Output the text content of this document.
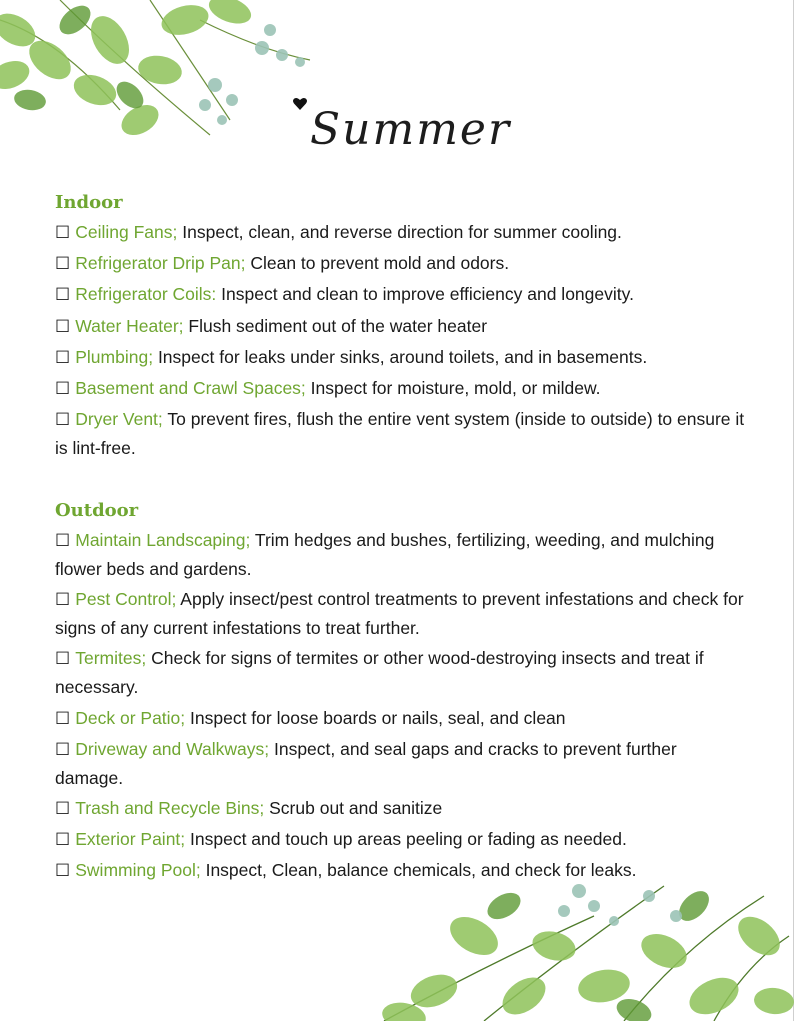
Summer
Indoor
☐ Ceiling Fans; Inspect, clean, and reverse direction for summer cooling.
☐ Refrigerator Drip Pan; Clean to prevent mold and odors.
☐ Refrigerator Coils: Inspect and clean to improve efficiency and longevity.
☐ Water Heater; Flush sediment out of the water heater
☐ Plumbing; Inspect for leaks under sinks, around toilets, and in basements.
☐ Basement and Crawl Spaces; Inspect for moisture, mold, or mildew.
☐ Dryer Vent; To prevent fires, flush the entire vent system (inside to outside) to ensure it is lint-free.
Outdoor
☐ Maintain Landscaping; Trim hedges and bushes, fertilizing, weeding, and mulching flower beds and gardens.
☐ Pest Control; Apply insect/pest control treatments to prevent infestations and check for signs of any current infestations to treat further.
☐ Termites; Check for signs of termites or other wood-destroying insects and treat if necessary.
☐ Deck or Patio; Inspect for loose boards or nails, seal, and clean
☐ Driveway and Walkways; Inspect, and seal gaps and cracks to prevent further damage.
☐ Trash and Recycle Bins; Scrub out and sanitize
☐ Exterior Paint; Inspect and touch up areas peeling or fading as needed.
☐ Swimming Pool; Inspect, Clean, balance chemicals, and check for leaks.
